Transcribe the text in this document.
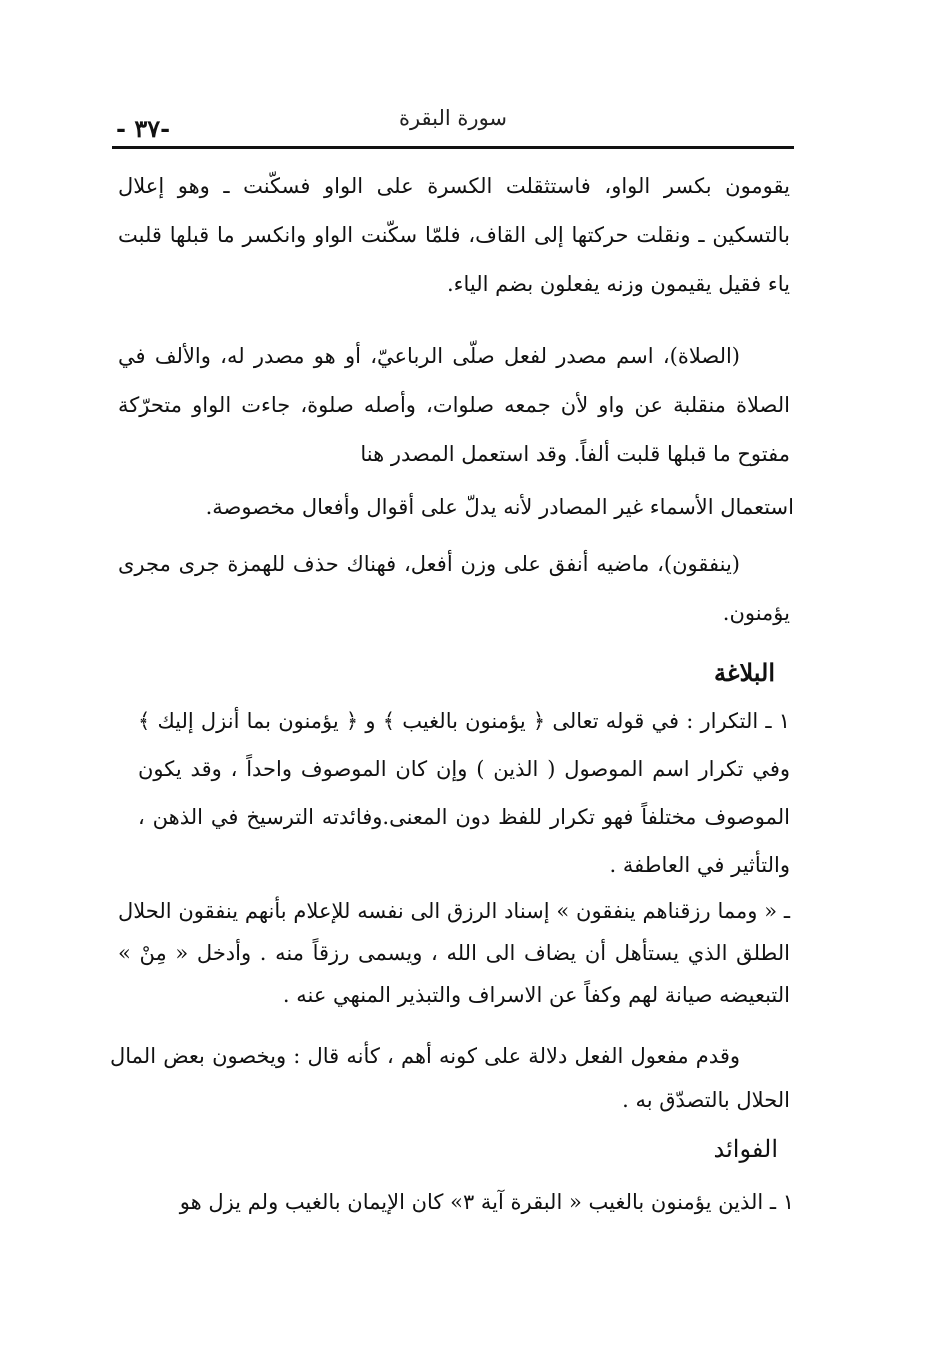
-٣٧ -	سورة البقرة
يقومون بكسر الواو، فاستثقلت الكسرة على الواو فسكّنت ـ وهو إعلال بالتسكين ـ ونقلت حركتها إلى القاف، فلمّا سكّنت الواو وانكسر ما قبلها قلبت ياء فقيل يقيمون وزنه يفعلون بضم الياء.
(الصلاة)، اسم مصدر لفعل صلّى الرباعيّ، أو هو مصدر له، والألف في الصلاة منقلبة عن واو لأن جمعه صلوات، وأصله صلوة، جاءت الواو متحرّكة مفتوح ما قبلها قلبت ألفاً. وقد استعمل المصدر هنا
استعمال الأسماء غير المصادر لأنه يدلّ على أقوال وأفعال مخصوصة.
(ينفقون)، ماضيه أنفق على وزن أفعل، فهناك حذف للهمزة جرى مجرى يؤمنون.
البلاغة
١ ـ التكرار : في قوله تعالى ﴿ يؤمنون بالغيب ﴾ و ﴿ يؤمنون بما أنزل إليك ﴾ وفي تكرار اسم الموصول ( الذين ) وإن كان الموصوف واحداً ، وقد يكون الموصوف مختلفاً فهو تكرار للفظ دون المعنى.وفائدته الترسيخ في الذهن ، والتأثير في العاطفة .
ـ « ومما رزقناهم ينفقون » إسناد الرزق الى نفسه للإعلام بأنهم ينفقون الحلال الطلق الذي يستأهل أن يضاف الى الله ، ويسمى رزقاً منه . وأدخل « مِنْ » التبعيضه صيانة لهم وكفاً عن الاسراف والتبذير المنهي عنه .
وقدم مفعول الفعل دلالة على كونه أهم ، كأنه قال : ويخصون بعض المال الحلال بالتصدّق به .
الفوائد
١ ـ الذين يؤمنون بالغيب « البقرة آية ٣» كان الإيمان بالغيب ولم يزل هو
